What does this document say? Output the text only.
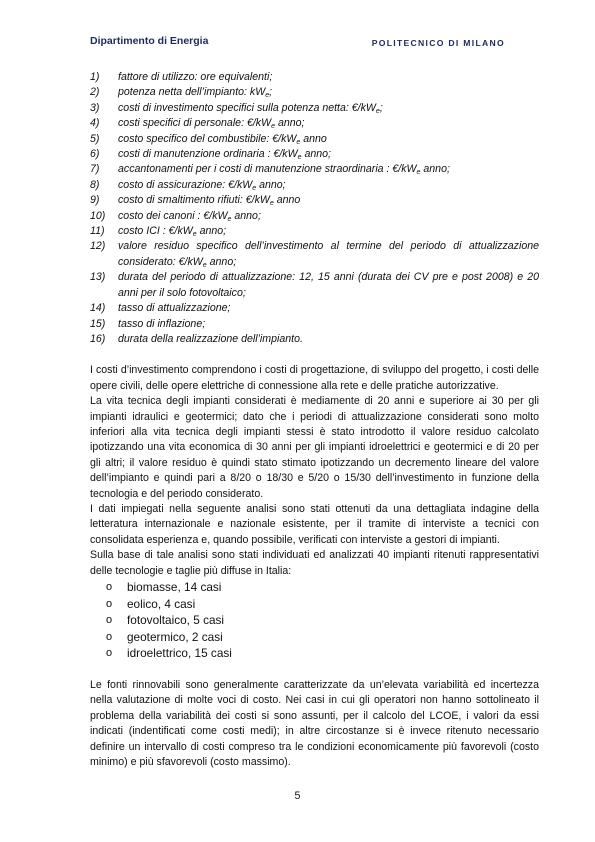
Dipartimento di Energia	POLITECNICO DI MILANO
1)	fattore di utilizzo: ore equivalenti;
2)	potenza netta dell’impianto: $kW_e$;
3)	costi di investimento specifici sulla potenza netta: $€/kW_e$;
4)	costi specifici di personale: $€/kW_e$ anno;
5)	costo specifico del combustibile: $€/kW_e$ anno
6)	costi di manutenzione ordinaria : $€/kW_e$ anno;
7)	accantonamenti per i costi di manutenzione straordinaria : $€/kW_e$ anno;
8)	costo di assicurazione: $€/kW_e$ anno;
9)	costo di smaltimento rifiuti: $€/kW_e$ anno
10)	costo dei canoni : $€/kW_e$ anno;
11)	costo ICI : $€/kW_e$ anno;
12)	valore residuo specifico dell’investimento al termine del periodo di attualizzazione considerato: $€/kW_e$ anno;
13)	durata del periodo di attualizzazione: 12, 15 anni (durata dei CV pre e post 2008) e 20 anni per il solo fotovoltaico;
14)	tasso di attualizzazione;
15)	tasso di inflazione;
16)	durata della realizzazione dell’impianto.

I costi d’investimento comprendono i costi di progettazione, di sviluppo del progetto, i costi delle opere civili, delle opere elettriche di connessione alla rete e delle pratiche autorizzative.

La vita tecnica degli impianti considerati è mediamente di 20 anni e superiore ai 30 per gli impianti idraulici e geotermici; dato che i periodi di attualizzazione considerati sono molto inferiori alla vita tecnica degli impianti stessi è stato introdotto il valore residuo calcolato ipotizzando una vita economica di 30 anni per gli impianti idroelettrici e geotermici e di 20 per gli altri; il valore residuo è quindi stato stimato ipotizzando un decremento lineare del valore dell’impianto e quindi pari a 8/20 o 18/30 e 5/20 o 15/30 dell’investimento in funzione della tecnologia e del periodo considerato.

I dati impiegati nella seguente analisi sono stati ottenuti da una dettagliata indagine della letteratura internazionale e nazionale esistente, per il tramite di interviste a tecnici con consolidata esperienza e, quando possibile, verificati con interviste a gestori di impianti.

Sulla base di tale analisi sono stati individuati ed analizzati 40 impianti ritenuti rappresentativi delle tecnologie e taglie più diffuse in Italia:

o	biomasse, 14 casi
o	eolico, 4 casi
o	fotovoltaico, 5 casi
o	geotermico, 2 casi
o	idroelettrico, 15 casi

Le fonti rinnovabili sono generalmente caratterizzate da un’elevata variabilità ed incertezza nella valutazione di molte voci di costo. Nei casi in cui gli operatori non hanno sottolineato il problema della variabilità dei costi si sono assunti, per il calcolo del LCOE, i valori da essi indicati (indentificati come costi medi); in altre circostanze si è invece ritenuto necessario definire un intervallo di costi compreso tra le condizioni economicamente più favorevoli (costo minimo) e più sfavorevoli (costo massimo).

5
